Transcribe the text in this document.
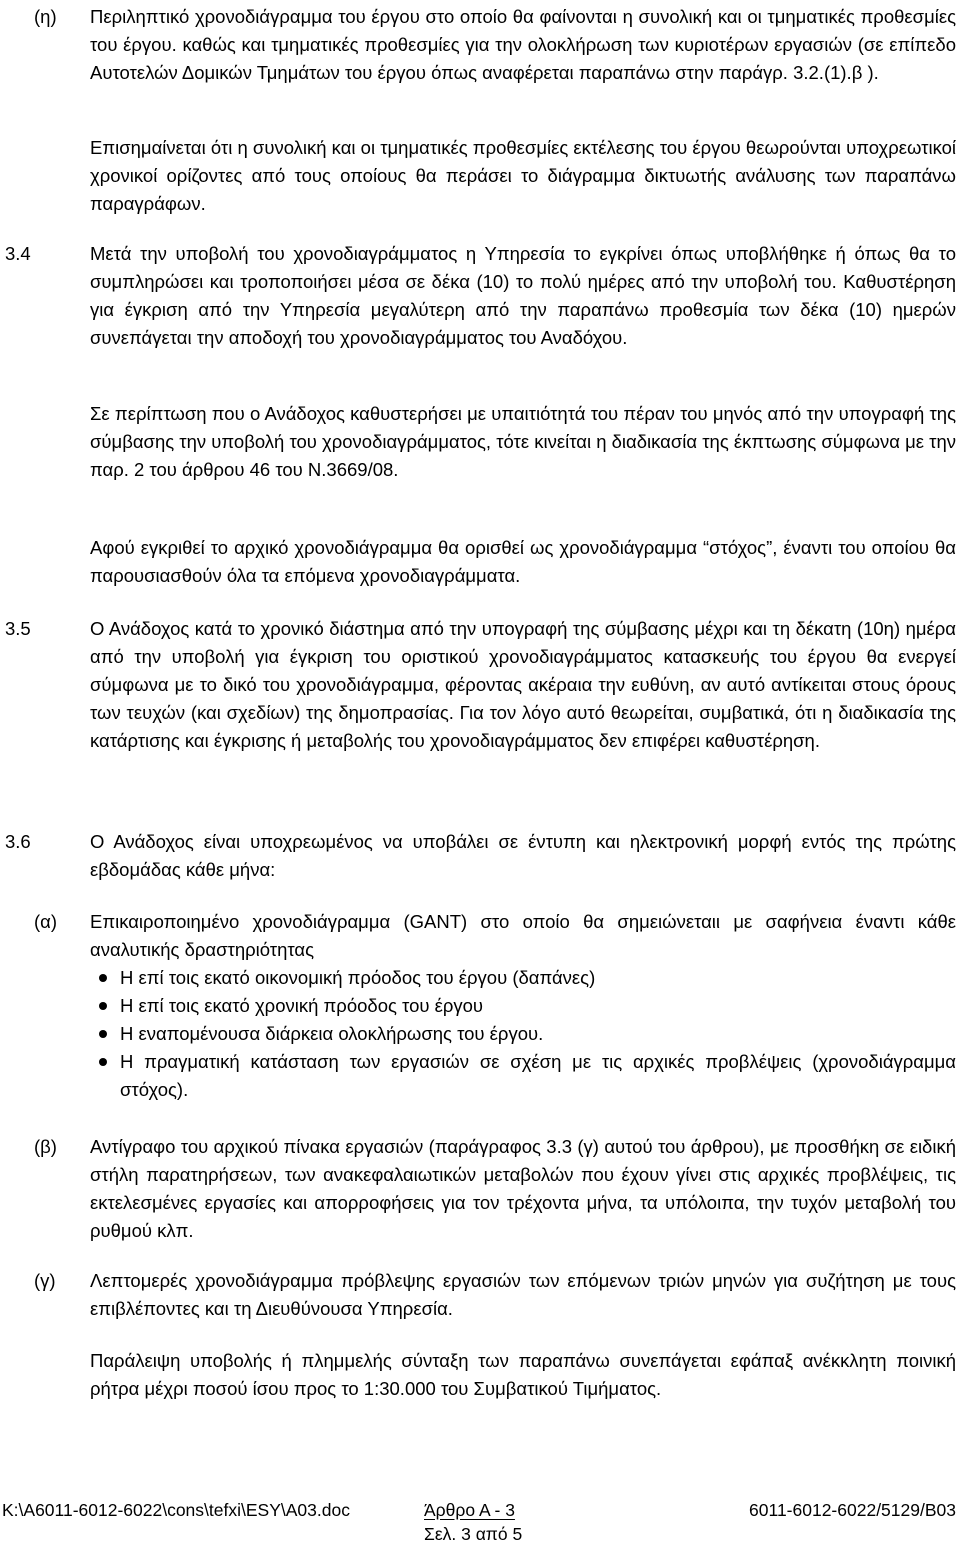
(η) Περιληπτικό χρονοδιάγραμμα του έργου στο οποίο θα φαίνονται η συνολική και οι τμηματικές προθεσμίες του έργου. καθώς και τμηματικές προθεσμίες για την ολοκλήρωση των κυριοτέρων εργασιών (σε επίπεδο Αυτοτελών Δομικών Τμημάτων του έργου όπως αναφέρεται παραπάνω στην παράγρ. 3.2.(1).β ).
Επισημαίνεται ότι η συνολική και οι τμηματικές προθεσμίες εκτέλεσης του έργου θεωρούνται υποχρεωτικοί χρονικοί ορίζοντες από τους οποίους θα περάσει το διάγραμμα δικτυωτής ανάλυσης των παραπάνω παραγράφων.
3.4	Μετά την υποβολή του χρονοδιαγράμματος η Υπηρεσία το εγκρίνει όπως υποβλήθηκε ή όπως θα το συμπληρώσει και τροποποιήσει μέσα σε δέκα (10) το πολύ ημέρες από την υποβολή του. Καθυστέρηση για έγκριση από την Υπηρεσία μεγαλύτερη από την παραπάνω προθεσμία των δέκα (10) ημερών συνεπάγεται την αποδοχή του χρονοδιαγράμματος του Αναδόχου.
Σε περίπτωση που ο Ανάδοχος καθυστερήσει με υπαιτιότητά του πέραν του μηνός από την υπογραφή της σύμβασης την υποβολή του χρονοδιαγράμματος, τότε κινείται η διαδικασία της έκπτωσης σύμφωνα με την παρ. 2 του άρθρου 46 του Ν.3669/08.
Αφού εγκριθεί το αρχικό χρονοδιάγραμμα θα ορισθεί ως χρονοδιάγραμμα “στόχος”, έναντι του οποίου θα παρουσιασθούν όλα τα επόμενα χρονοδιαγράμματα.
3.5	Ο Ανάδοχος κατά το χρονικό διάστημα από την υπογραφή της σύμβασης μέχρι και τη δέκατη (10η) ημέρα από την υποβολή για έγκριση του οριστικού χρονοδιαγράμματος κατασκευής του έργου θα ενεργεί σύμφωνα με το δικό του χρονοδιάγραμμα, φέροντας ακέραια την ευθύνη, αν αυτό αντίκειται στους όρους των τευχών (και σχεδίων) της δημοπρασίας. Για τον λόγο αυτό θεωρείται, συμβατικά, ότι η διαδικασία της κατάρτισης και έγκρισης ή μεταβολής του χρονοδιαγράμματος δεν επιφέρει καθυστέρηση.
3.6	Ο Ανάδοχος είναι υποχρεωμένος να υποβάλει σε έντυπη και ηλεκτρονική μορφή εντός της πρώτης εβδομάδας κάθε μήνα:
(α) Επικαιροποιημένο χρονοδιάγραμμα (GANT) στο οποίο θα σημειώνεταιι με σαφήνεια έναντι κάθε αναλυτικής δραστηριότητας
Η επί τοις εκατό οικονομική πρόοδος του έργου (δαπάνες)
Η επί τοις εκατό χρονική πρόοδος του έργου
Η εναπομένουσα διάρκεια ολοκλήρωσης του έργου.
Η πραγματική κατάσταση των εργασιών σε σχέση με τις αρχικές προβλέψεις (χρονοδιάγραμμα στόχος).
(β) Αντίγραφο του αρχικού πίνακα εργασιών (παράγραφος 3.3 (γ) αυτού του άρθρου), με προσθήκη σε ειδική στήλη παρατηρήσεων, των ανακεφαλαιωτικών μεταβολών που έχουν γίνει στις αρχικές προβλέψεις, τις εκτελεσμένες εργασίες και απορροφήσεις για τον τρέχοντα μήνα, τα υπόλοιπα, την τυχόν μεταβολή του ρυθμού κλπ.
(γ) Λεπτομερές χρονοδιάγραμμα πρόβλεψης εργασιών των επόμενων τριών μηνών για συζήτηση με τους επιβλέποντες και τη Διευθύνουσα Υπηρεσία.
Παράλειψη υποβολής ή πλημμελής σύνταξη των παραπάνω συνεπάγεται εφάπαξ ανέκκλητη ποινική ρήτρα μέχρι ποσού ίσου προς το 1:30.000 του Συμβατικού Τιμήματος.
K:\A6011-6012-6022\cons\tefxi\ESY\A03.doc	Άρθρο Α - 3	6011-6012-6022/5129/B03
Σελ. 3 από 5
